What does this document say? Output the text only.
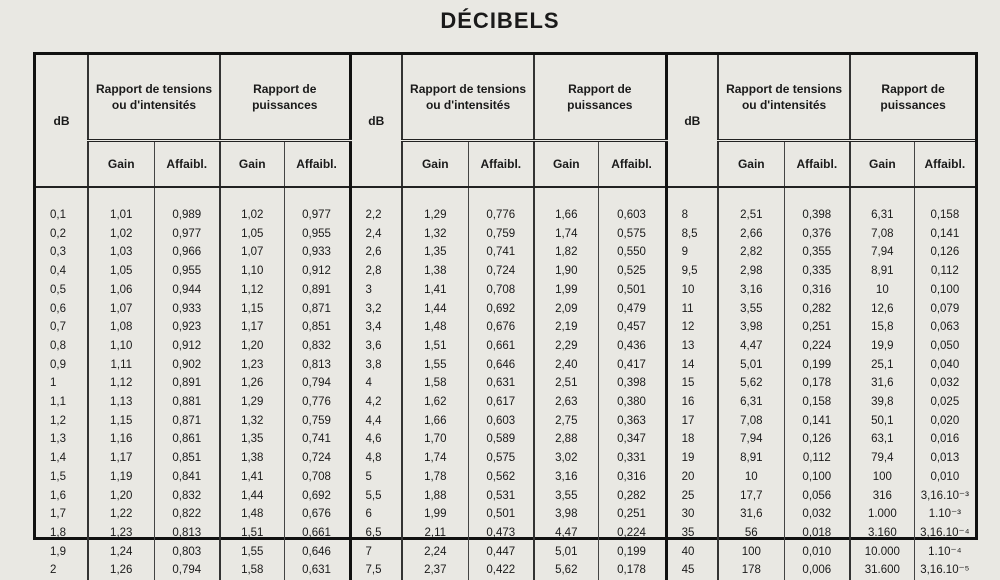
DÉCIBELS
dB	Rapport de tensions ou d'intensités		Rapport de puissances		dB	Rapport de tensions ou d'intensités		Rapport de puissances		dB	Rapport de tensions ou d'intensités		Rapport de puissances	
	Gain	Affaibl.	Gain	Affaibl.		Gain	Affaibl.	Gain	Affaibl.		Gain	Affaibl.	Gain	Affaibl.

0,1	1,01	0,989	1,02	0,977	2,2	1,29	0,776	1,66	0,603	8	2,51	0,398	6,31	0,158
0,2	1,02	0,977	1,05	0,955	2,4	1,32	0,759	1,74	0,575	8,5	2,66	0,376	7,08	0,141
0,3	1,03	0,966	1,07	0,933	2,6	1,35	0,741	1,82	0,550	9	2,82	0,355	7,94	0,126
0,4	1,05	0,955	1,10	0,912	2,8	1,38	0,724	1,90	0,525	9,5	2,98	0,335	8,91	0,112
0,5	1,06	0,944	1,12	0,891	3	1,41	0,708	1,99	0,501	10	3,16	0,316	10	0,100
0,6	1,07	0,933	1,15	0,871	3,2	1,44	0,692	2,09	0,479	11	3,55	0,282	12,6	0,079
0,7	1,08	0,923	1,17	0,851	3,4	1,48	0,676	2,19	0,457	12	3,98	0,251	15,8	0,063
0,8	1,10	0,912	1,20	0,832	3,6	1,51	0,661	2,29	0,436	13	4,47	0,224	19,9	0,050
0,9	1,11	0,902	1,23	0,813	3,8	1,55	0,646	2,40	0,417	14	5,01	0,199	25,1	0,040
1	1,12	0,891	1,26	0,794	4	1,58	0,631	2,51	0,398	15	5,62	0,178	31,6	0,032
1,1	1,13	0,881	1,29	0,776	4,2	1,62	0,617	2,63	0,380	16	6,31	0,158	39,8	0,025
1,2	1,15	0,871	1,32	0,759	4,4	1,66	0,603	2,75	0,363	17	7,08	0,141	50,1	0,020
1,3	1,16	0,861	1,35	0,741	4,6	1,70	0,589	2,88	0,347	18	7,94	0,126	63,1	0,016
1,4	1,17	0,851	1,38	0,724	4,8	1,74	0,575	3,02	0,331	19	8,91	0,112	79,4	0,013
1,5	1,19	0,841	1,41	0,708	5	1,78	0,562	3,16	0,316	20	10	0,100	100	0,010
1,6	1,20	0,832	1,44	0,692	5,5	1,88	0,531	3,55	0,282	25	17,7	0,056	316	3,16.10⁻³
1,7	1,22	0,822	1,48	0,676	6	1,99	0,501	3,98	0,251	30	31,6	0,032	1.000	1.10⁻³
1,8	1,23	0,813	1,51	0,661	6,5	2,11	0,473	4,47	0,224	35	56	0,018	3.160	3,16.10⁻⁴
1,9	1,24	0,803	1,55	0,646	7	2,24	0,447	5,01	0,199	40	100	0,010	10.000	1.10⁻⁴
2	1,26	0,794	1,58	0,631	7,5	2,37	0,422	5,62	0,178	45	178	0,006	31.600	3,16.10⁻⁵
